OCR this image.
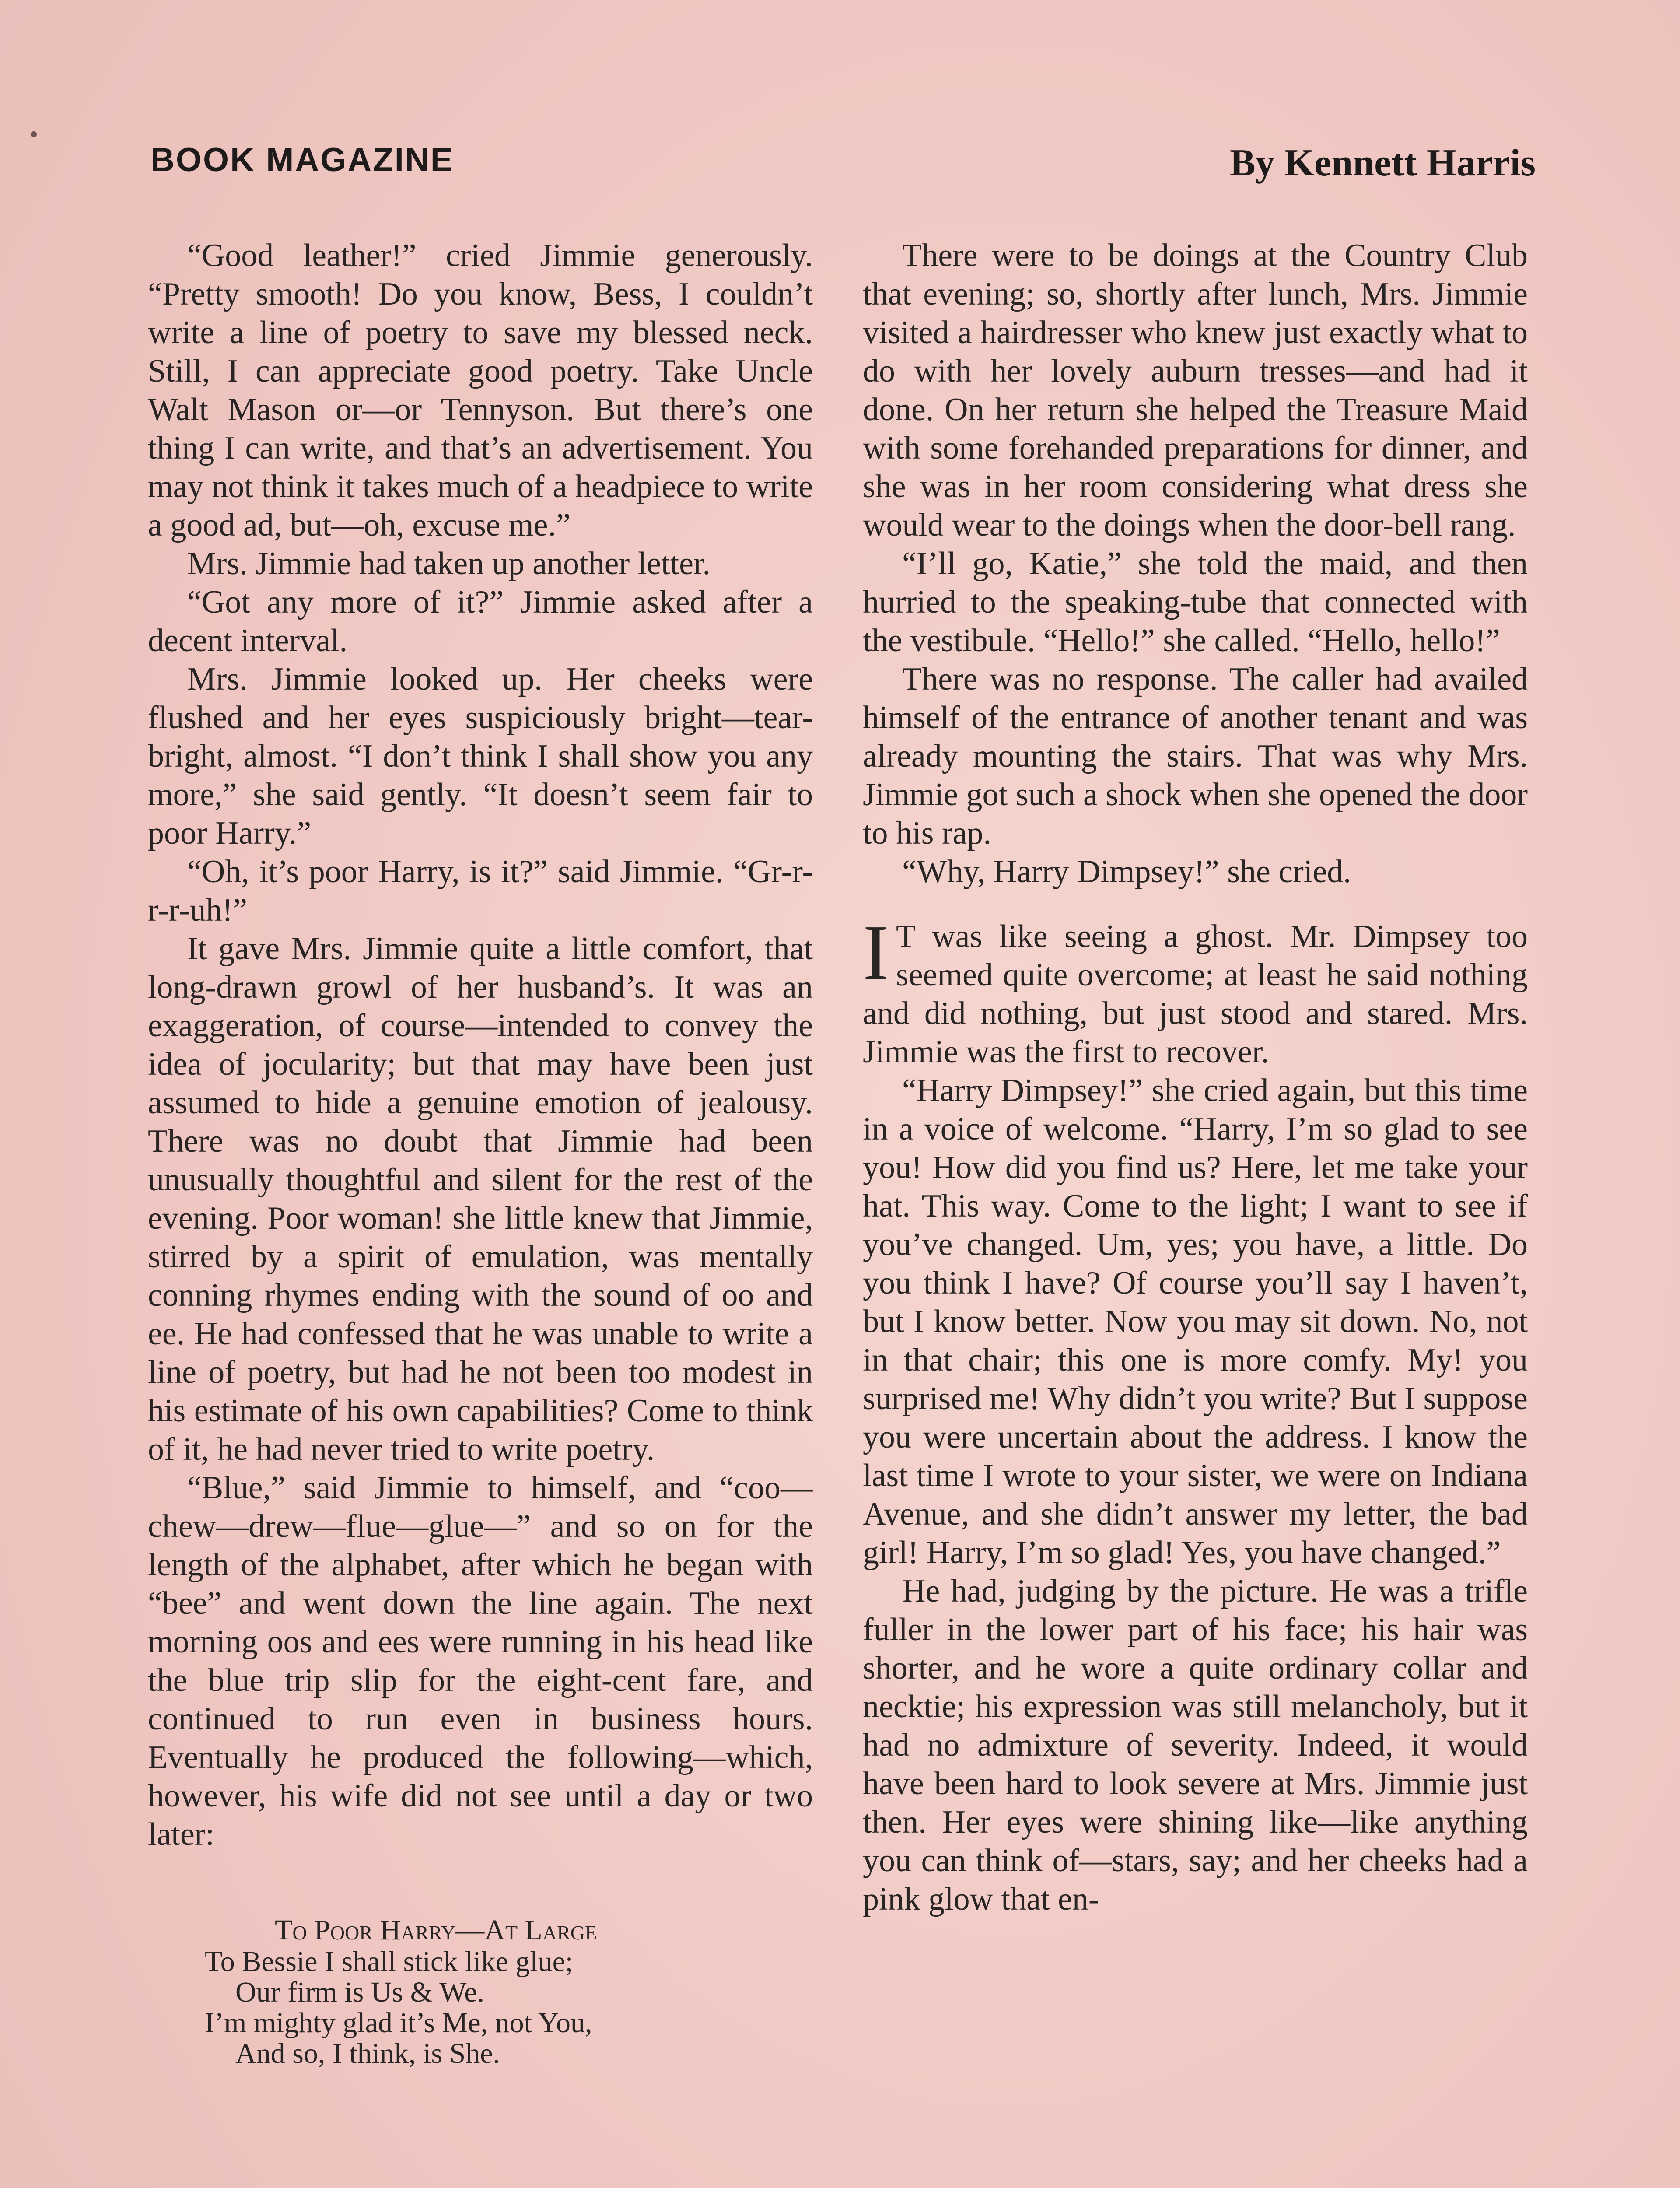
BOOK MAGAZINE	By Kennett Harris

“Good leather!” cried Jimmie generously. “Pretty smooth! Do you know, Bess, I couldn’t write a line of poetry to save my blessed neck. Still, I can appreciate good poetry. Take Uncle Walt Mason or—or Tennyson. But there’s one thing I can write, and that’s an advertisement. You may not think it takes much of a headpiece to write a good ad, but—oh, excuse me.”

Mrs. Jimmie had taken up another letter.

“Got any more of it?” Jimmie asked after a decent interval.

Mrs. Jimmie looked up. Her cheeks were flushed and her eyes suspiciously bright—tear-bright, almost. “I don’t think I shall show you any more,” she said gently. “It doesn’t seem fair to poor Harry.”

“Oh, it’s poor Harry, is it?” said Jimmie. “Gr-r-r-r-uh!”

It gave Mrs. Jimmie quite a little comfort, that long-drawn growl of her husband’s. It was an exaggeration, of course—intended to convey the idea of jocularity; but that may have been just assumed to hide a genuine emotion of jealousy. There was no doubt that Jimmie had been unusually thoughtful and silent for the rest of the evening. Poor woman! she little knew that Jimmie, stirred by a spirit of emulation, was mentally conning rhymes ending with the sound of oo and ee. He had confessed that he was unable to write a line of poetry, but had he not been too modest in his estimate of his own capabilities? Come to think of it, he had never tried to write poetry.

“Blue,” said Jimmie to himself, and “coo—chew—drew—flue—glue—” and so on for the length of the alphabet, after which he began with “bee” and went down the line again. The next morning oos and ees were running in his head like the blue trip slip for the eight-cent fare, and continued to run even in business hours. Eventually he produced the following—which, however, his wife did not see until a day or two later:

To Poor Harry—At Large
To Bessie I shall stick like glue;
Our firm is Us & We.
I’m mighty glad it’s Me, not You,
And so, I think, is She.

There were to be doings at the Country Club that evening; so, shortly after lunch, Mrs. Jimmie visited a hairdresser who knew just exactly what to do with her lovely auburn tresses—and had it done. On her return she helped the Treasure Maid with some forehanded preparations for dinner, and she was in her room considering what dress she would wear to the doings when the door-bell rang.

“I’ll go, Katie,” she told the maid, and then hurried to the speaking-tube that connected with the vestibule. “Hello!” she called. “Hello, hello!”

There was no response. The caller had availed himself of the entrance of another tenant and was already mounting the stairs. That was why Mrs. Jimmie got such a shock when she opened the door to his rap.

“Why, Harry Dimpsey!” she cried.

I T was like seeing a ghost. Mr. Dimpsey too seemed quite overcome; at least he said nothing and did nothing, but just stood and stared. Mrs. Jimmie was the first to recover.

“Harry Dimpsey!” she cried again, but this time in a voice of welcome. “Harry, I’m so glad to see you! How did you find us? Here, let me take your hat. This way. Come to the light; I want to see if you’ve changed. Um, yes; you have, a little. Do you think I have? Of course you’ll say I haven’t, but I know better. Now you may sit down. No, not in that chair; this one is more comfy. My! you surprised me! Why didn’t you write? But I suppose you were uncertain about the address. I know the last time I wrote to your sister, we were on Indiana Avenue, and she didn’t answer my letter, the bad girl! Harry, I’m so glad! Yes, you have changed.”

He had, judging by the picture. He was a trifle fuller in the lower part of his face; his hair was shorter, and he wore a quite ordinary collar and necktie; his expression was still melancholy, but it had no admixture of severity. Indeed, it would have been hard to look severe at Mrs. Jimmie just then. Her eyes were shining like—like anything you can think of—stars, say; and her cheeks had a pink glow that en-
